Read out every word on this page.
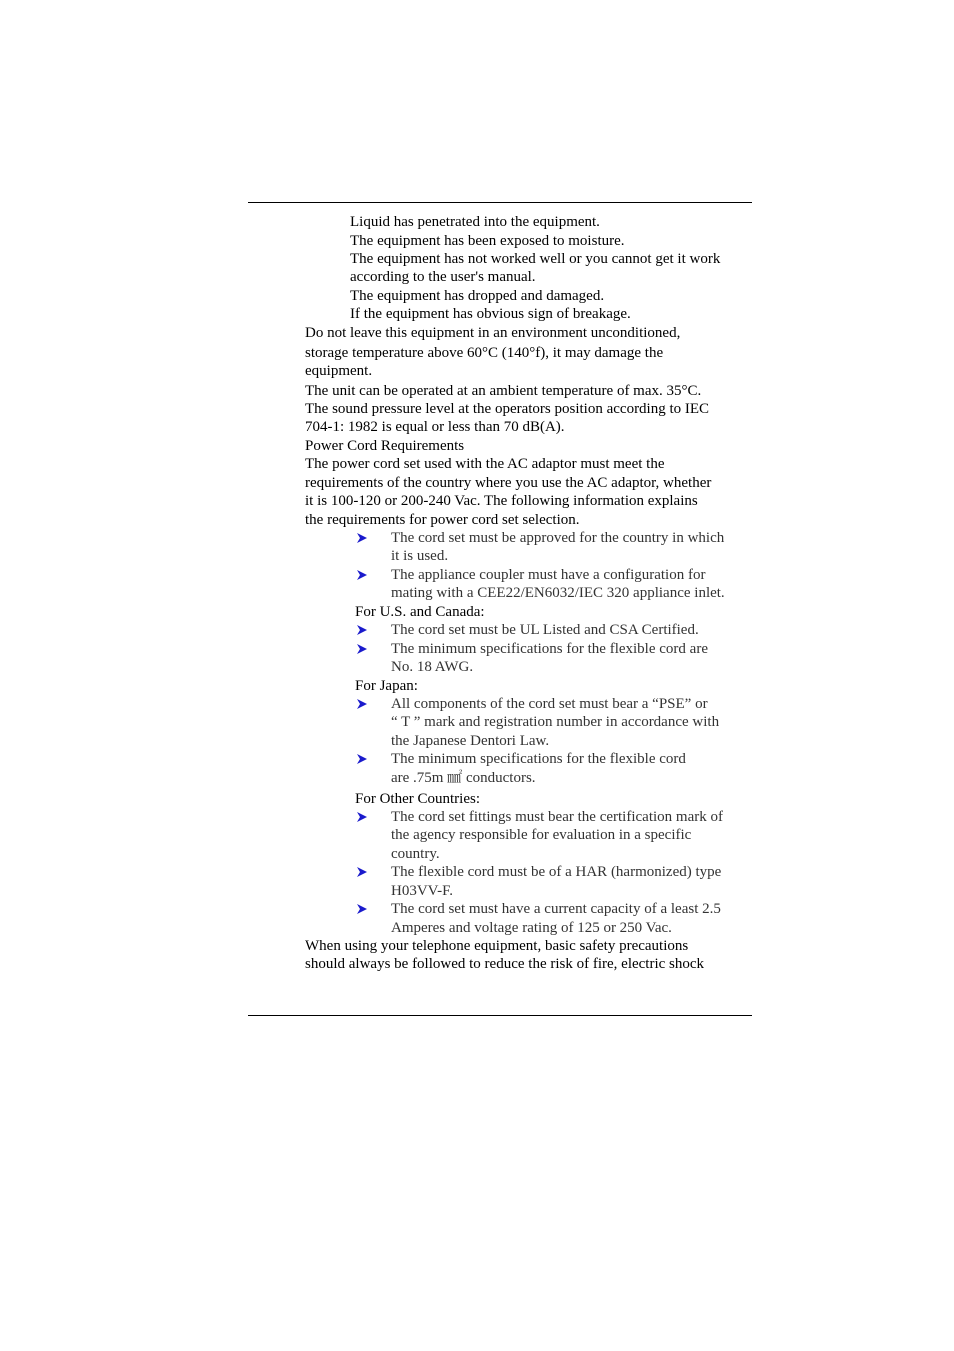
Liquid has penetrated into the equipment.
The equipment has been exposed to moisture.
The equipment has not worked well or you cannot get it work
according to the user's manual.
The equipment has dropped and damaged.
If the equipment has obvious sign of breakage.
Do not leave this equipment in an environment unconditioned,
storage temperature above 60°C (140°f), it may damage the
equipment.
The unit can be operated at an ambient temperature of max. 35°C.
The sound pressure level at the operators position according to IEC
704-1: 1982 is equal or less than 70 dB(A).
Power Cord Requirements
The power cord set used with the AC adaptor must meet the
requirements of the country where you use the AC adaptor, whether
it is 100-120 or 200-240 Vac. The following information explains
the requirements for power cord set selection.
The cord set must be approved for the country in which
it is used.
The appliance coupler must have a configuration for
mating with a CEE22/EN6032/IEC 320 appliance inlet.
For U.S. and Canada:
The cord set must be UL Listed and CSA Certified.
The minimum specifications for the flexible cord are
No. 18 AWG.
For Japan:
All components of the cord set must bear a “PSE” or
“ T ” mark and registration number in accordance with
the Japanese Dentori Law.
The minimum specifications for the flexible cord
are .75m ㎟ conductors.
For Other Countries:
The cord set fittings must bear the certification mark of
the agency responsible for evaluation in a specific
country.
The flexible cord must be of a HAR (harmonized) type
H03VV-F.
The cord set must have a current capacity of a least 2.5
Amperes and voltage rating of 125 or 250 Vac.
When using your telephone equipment, basic safety precautions
should always be followed to reduce the risk of fire, electric shock
